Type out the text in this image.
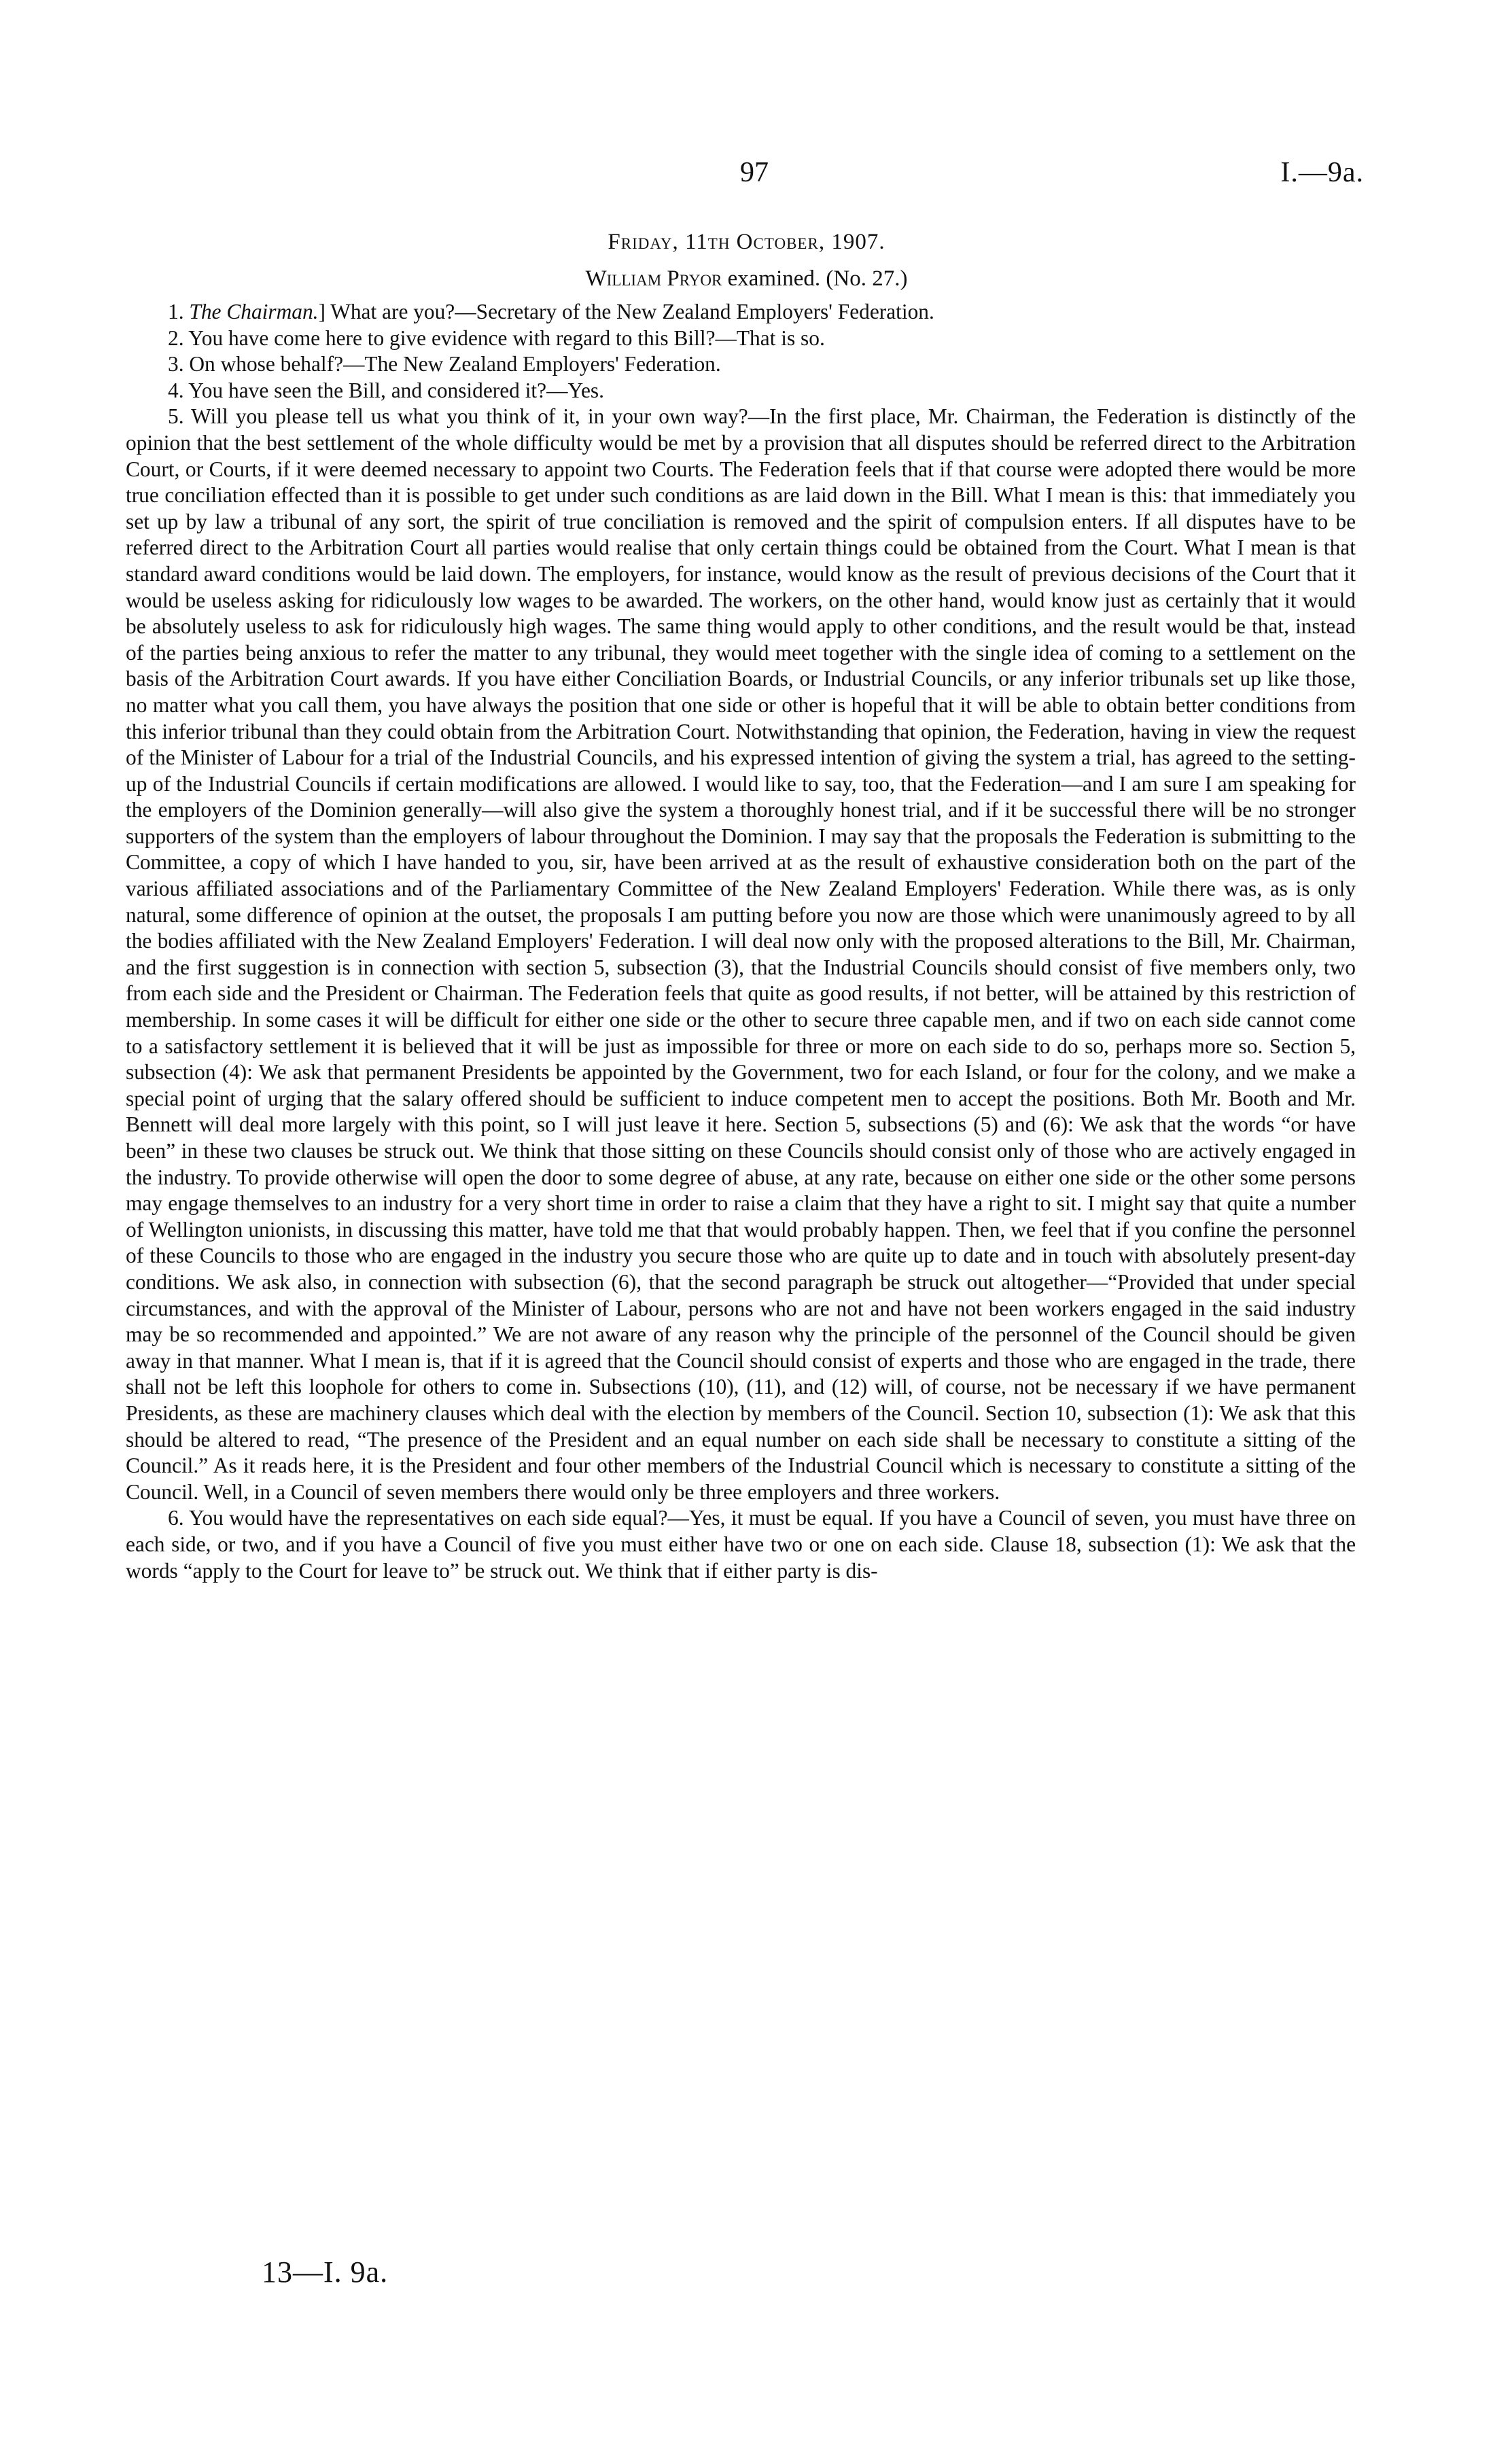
97	I.—9a.
Friday, 11th October, 1907.
William Pryor examined. (No. 27.)

1. The Chairman.] What are you?—Secretary of the New Zealand Employers' Federation.

2. You have come here to give evidence with regard to this Bill?—That is so.

3. On whose behalf?—The New Zealand Employers' Federation.

4. You have seen the Bill, and considered it?—Yes.

5. Will you please tell us what you think of it, in your own way?—In the first place, Mr. Chairman, the Federation is distinctly of the opinion that the best settlement of the whole difficulty would be met by a provision that all disputes should be referred direct to the Arbitration Court, or Courts, if it were deemed necessary to appoint two Courts. The Federation feels that if that course were adopted there would be more true conciliation effected than it is possible to get under such conditions as are laid down in the Bill. What I mean is this: that immediately you set up by law a tribunal of any sort, the spirit of true conciliation is removed and the spirit of compulsion enters. If all disputes have to be referred direct to the Arbitration Court all parties would realise that only certain things could be obtained from the Court. What I mean is that standard award conditions would be laid down. The employers, for instance, would know as the result of previous decisions of the Court that it would be useless asking for ridiculously low wages to be awarded. The workers, on the other hand, would know just as certainly that it would be absolutely useless to ask for ridiculously high wages. The same thing would apply to other conditions, and the result would be that, instead of the parties being anxious to refer the matter to any tribunal, they would meet together with the single idea of coming to a settlement on the basis of the Arbitration Court awards. If you have either Conciliation Boards, or Industrial Councils, or any inferior tribunals set up like those, no matter what you call them, you have always the position that one side or other is hopeful that it will be able to obtain better conditions from this inferior tribunal than they could obtain from the Arbitration Court. Notwithstanding that opinion, the Federation, having in view the request of the Minister of Labour for a trial of the Industrial Councils, and his expressed intention of giving the system a trial, has agreed to the setting-up of the Industrial Councils if certain modifications are allowed. I would like to say, too, that the Federation—and I am sure I am speaking for the employers of the Dominion generally—will also give the system a thoroughly honest trial, and if it be successful there will be no stronger supporters of the system than the employers of labour throughout the Dominion. I may say that the proposals the Federation is submitting to the Committee, a copy of which I have handed to you, sir, have been arrived at as the result of exhaustive consideration both on the part of the various affiliated associations and of the Parliamentary Committee of the New Zealand Employers' Federation. While there was, as is only natural, some difference of opinion at the outset, the proposals I am putting before you now are those which were unanimously agreed to by all the bodies affiliated with the New Zealand Employers' Federation. I will deal now only with the proposed alterations to the Bill, Mr. Chairman, and the first suggestion is in connection with section 5, subsection (3), that the Industrial Councils should consist of five members only, two from each side and the President or Chairman. The Federation feels that quite as good results, if not better, will be attained by this restriction of membership. In some cases it will be difficult for either one side or the other to secure three capable men, and if two on each side cannot come to a satisfactory settlement it is believed that it will be just as impossible for three or more on each side to do so, perhaps more so. Section 5, subsection (4): We ask that permanent Presidents be appointed by the Government, two for each Island, or four for the colony, and we make a special point of urging that the salary offered should be sufficient to induce competent men to accept the positions. Both Mr. Booth and Mr. Bennett will deal more largely with this point, so I will just leave it here. Section 5, subsections (5) and (6): We ask that the words “or have been” in these two clauses be struck out. We think that those sitting on these Councils should consist only of those who are actively engaged in the industry. To provide otherwise will open the door to some degree of abuse, at any rate, because on either one side or the other some persons may engage themselves to an industry for a very short time in order to raise a claim that they have a right to sit. I might say that quite a number of Wellington unionists, in discussing this matter, have told me that that would probably happen. Then, we feel that if you confine the personnel of these Councils to those who are engaged in the industry you secure those who are quite up to date and in touch with absolutely present-day conditions. We ask also, in connection with subsection (6), that the second paragraph be struck out altogether—“Provided that under special circumstances, and with the approval of the Minister of Labour, persons who are not and have not been workers engaged in the said industry may be so recommended and appointed.” We are not aware of any reason why the principle of the personnel of the Council should be given away in that manner. What I mean is, that if it is agreed that the Council should consist of experts and those who are engaged in the trade, there shall not be left this loophole for others to come in. Subsections (10), (11), and (12) will, of course, not be necessary if we have permanent Presidents, as these are machinery clauses which deal with the election by members of the Council. Section 10, subsection (1): We ask that this should be altered to read, “The presence of the President and an equal number on each side shall be necessary to constitute a sitting of the Council.” As it reads here, it is the President and four other members of the Industrial Council which is necessary to constitute a sitting of the Council. Well, in a Council of seven members there would only be three employers and three workers.

6. You would have the representatives on each side equal?—Yes, it must be equal. If you have a Council of seven, you must have three on each side, or two, and if you have a Council of five you must either have two or one on each side. Clause 18, subsection (1): We ask that the words “apply to the Court for leave to” be struck out. We think that if either party is dis-

13—I. 9a.
